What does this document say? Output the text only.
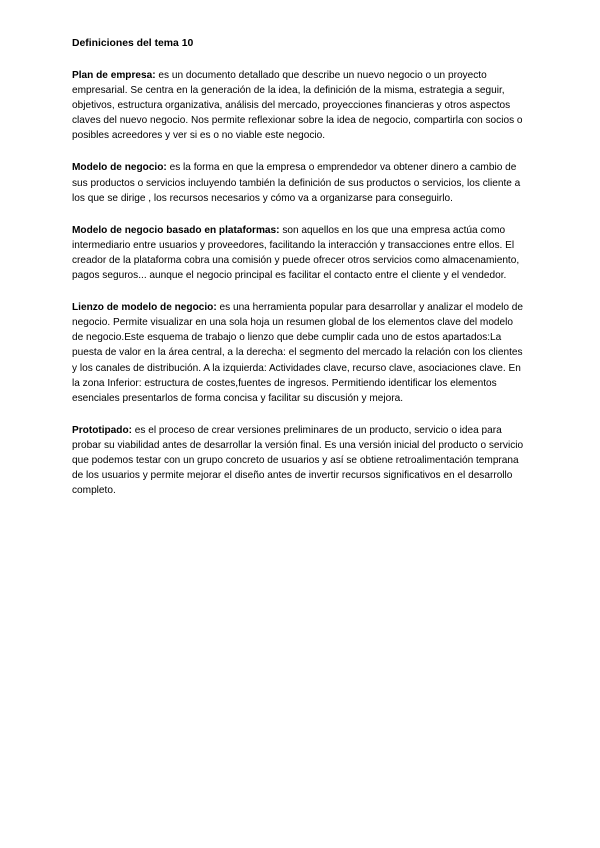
Definiciones del tema 10

Plan de empresa: es un documento detallado que describe un nuevo negocio o un proyecto empresarial. Se centra en la generación de la idea, la definición de la misma, estrategia a seguir, objetivos, estructura organizativa, análisis del mercado, proyecciones financieras y otros aspectos claves del nuevo negocio. Nos permite reflexionar sobre la idea de negocio, compartirla con socios o posibles acreedores y ver si es o no viable este negocio.

Modelo de negocio: es la forma en que la empresa o emprendedor va obtener dinero a cambio de sus productos o servicios incluyendo también la definición de sus productos o servicios, los cliente a los que se dirige , los recursos necesarios y cómo va a organizarse para conseguirlo.

Modelo de negocio basado en plataformas: son aquellos en los que una empresa actúa como intermediario entre usuarios y proveedores, facilitando la interacción y transacciones entre ellos. El creador de la plataforma cobra una comisión y puede ofrecer otros servicios como almacenamiento, pagos seguros... aunque el negocio principal es facilitar el contacto entre el cliente y el vendedor.

Lienzo de modelo de negocio: es una herramienta popular para desarrollar y analizar el modelo de negocio. Permite visualizar en una sola hoja un resumen global de los elementos clave del modelo de negocio.Este esquema de trabajo o lienzo que debe cumplir cada uno de estos apartados:La puesta de valor en la área central, a la derecha: el segmento del mercado la relación con los clientes y los canales de distribución. A la izquierda: Actividades clave, recurso clave, asociaciones clave. En la zona Inferior: estructura de costes,fuentes de ingresos. Permitiendo identificar los elementos esenciales presentarlos de forma concisa y facilitar su discusión y mejora.

Prototipado: es el proceso de crear versiones preliminares de un producto, servicio o idea para probar su viabilidad antes de desarrollar la versión final. Es una versión inicial del producto o servicio que podemos testar con un grupo concreto de usuarios y así se obtiene retroalimentación temprana de los usuarios y permite mejorar el diseño antes de invertir recursos significativos en el desarrollo completo.
